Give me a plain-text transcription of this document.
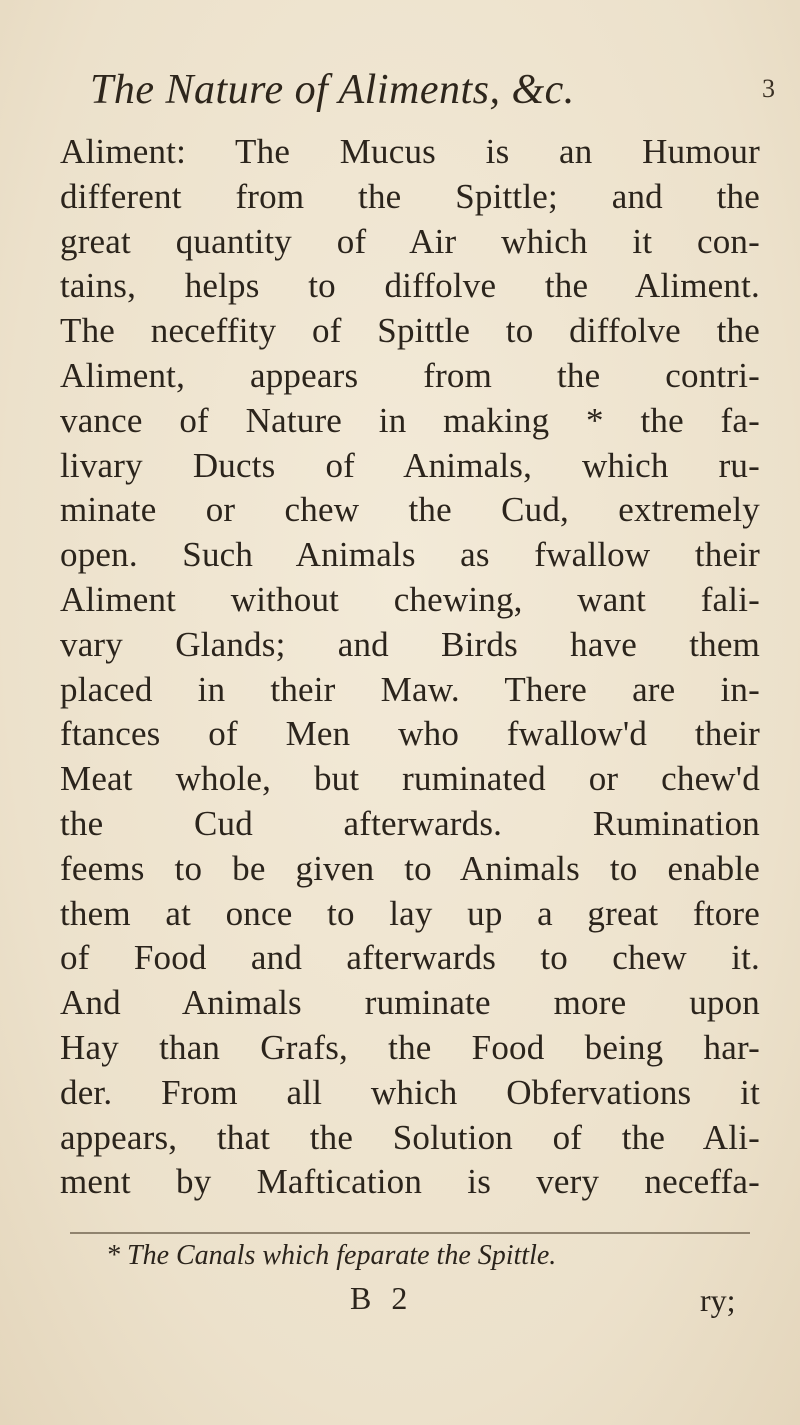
The Nature of Aliments, &c.	3
Aliment: The Mucus is an Humour
different from the Spittle; and the
great quantity of Air which it con-
tains, helps to diffolve the Aliment.
The neceffity of Spittle to diffolve the
Aliment, appears from the contri-
vance of Nature in making * the fa-
livary Ducts of Animals, which ru-
minate or chew the Cud, extremely
open. Such Animals as fwallow their
Aliment without chewing, want fali-
vary Glands; and Birds have them
placed in their Maw. There are in-
ftances of Men who fwallow'd their
Meat whole, but ruminated or chew'd
the Cud afterwards. Rumination
feems to be given to Animals to enable
them at once to lay up a great ftore
of Food and afterwards to chew it.
And Animals ruminate more upon
Hay than Grafs, the Food being har-
der. From all which Obfervations it
appears, that the Solution of the Ali-
ment by Maftication is very neceffa-
* The Canals which feparate the Spittle.
B 2	ry;
